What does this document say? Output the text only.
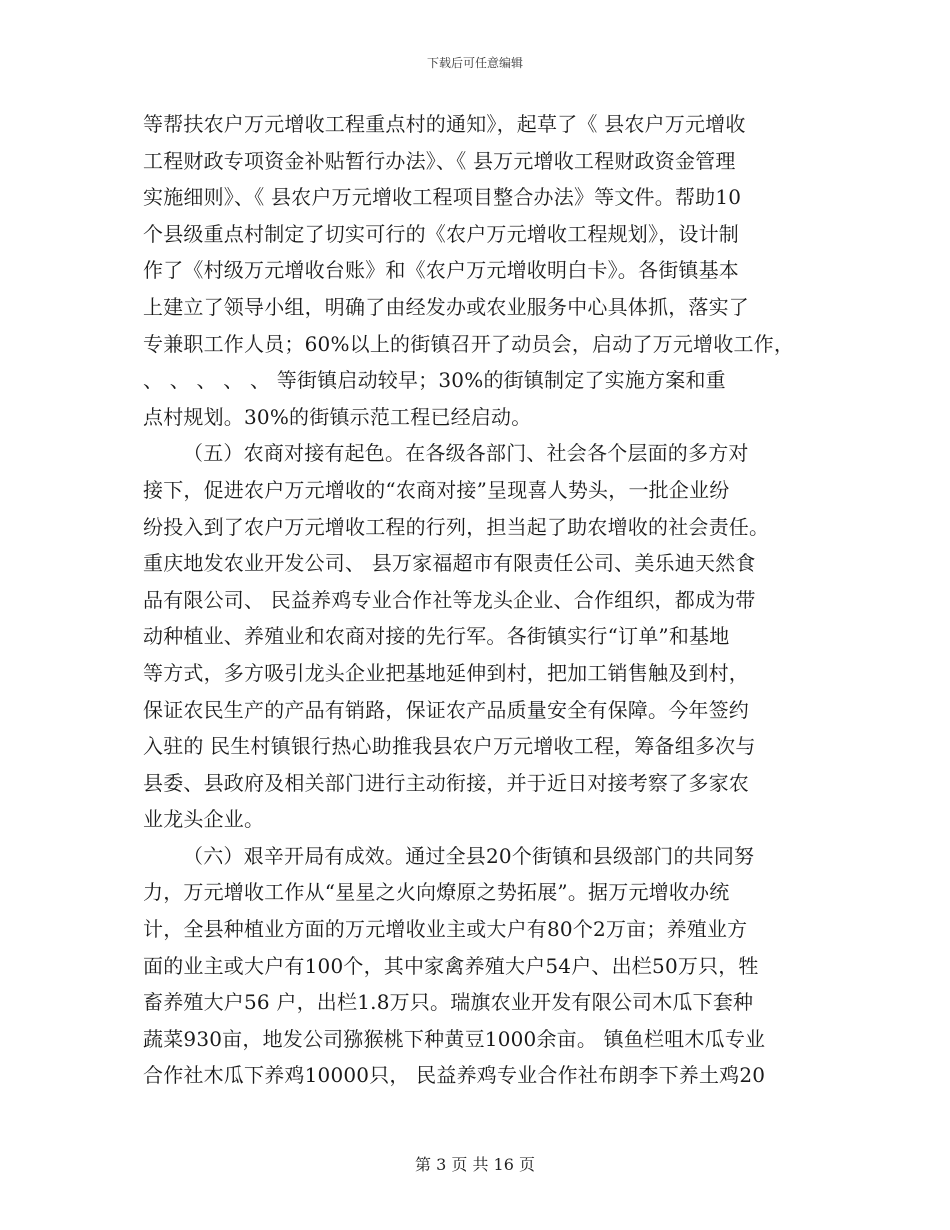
下载后可任意编辑
等帮扶农户万元增收工程重点村的通知》，起草了《 县农户万元增收
工程财政专项资金补贴暂行办法》、《 县万元增收工程财政资金管理
实施细则》、《 县农户万元增收工程项目整合办法》等文件。帮助10
个县级重点村制定了切实可行的《农户万元增收工程规划》，设计制
作了《村级万元增收台账》和《农户万元增收明白卡》。各街镇基本
上建立了领导小组，明确了由经发办或农业服务中心具体抓，落实了
专兼职工作人员；60%以上的街镇召开了动员会，启动了万元增收工作，
、 、 、 、 、 等街镇启动较早；30%的街镇制定了实施方案和重
点村规划。30%的街镇示范工程已经启动。
（五）农商对接有起色。在各级各部门、社会各个层面的多方对
接下，促进农户万元增收的“农商对接”呈现喜人势头，一批企业纷
纷投入到了农户万元增收工程的行列，担当起了助农增收的社会责任。
重庆地发农业开发公司、 县万家福超市有限责任公司、美乐迪天然食
品有限公司、 民益养鸡专业合作社等龙头企业、合作组织，都成为带
动种植业、养殖业和农商对接的先行军。各街镇实行“订单”和基地
等方式，多方吸引龙头企业把基地延伸到村，把加工销售触及到村，
保证农民生产的产品有销路，保证农产品质量安全有保障。今年签约
入驻的 民生村镇银行热心助推我县农户万元增收工程，筹备组多次与
县委、县政府及相关部门进行主动衔接，并于近日对接考察了多家农
业龙头企业。
（六）艰辛开局有成效。通过全县20个街镇和县级部门的共同努
力，万元增收工作从“星星之火向燎原之势拓展”。据万元增收办统
计，全县种植业方面的万元增收业主或大户有80个2万亩；养殖业方
面的业主或大户有100个，其中家禽养殖大户54户、出栏50万只，牲
畜养殖大户56 户，出栏1.8万只。瑞旗农业开发有限公司木瓜下套种
蔬菜930亩，地发公司猕猴桃下种黄豆1000余亩。 镇鱼栏咀木瓜专业
合作社木瓜下养鸡10000只， 民益养鸡专业合作社布朗李下养土鸡20
第 3 页 共 16 页
